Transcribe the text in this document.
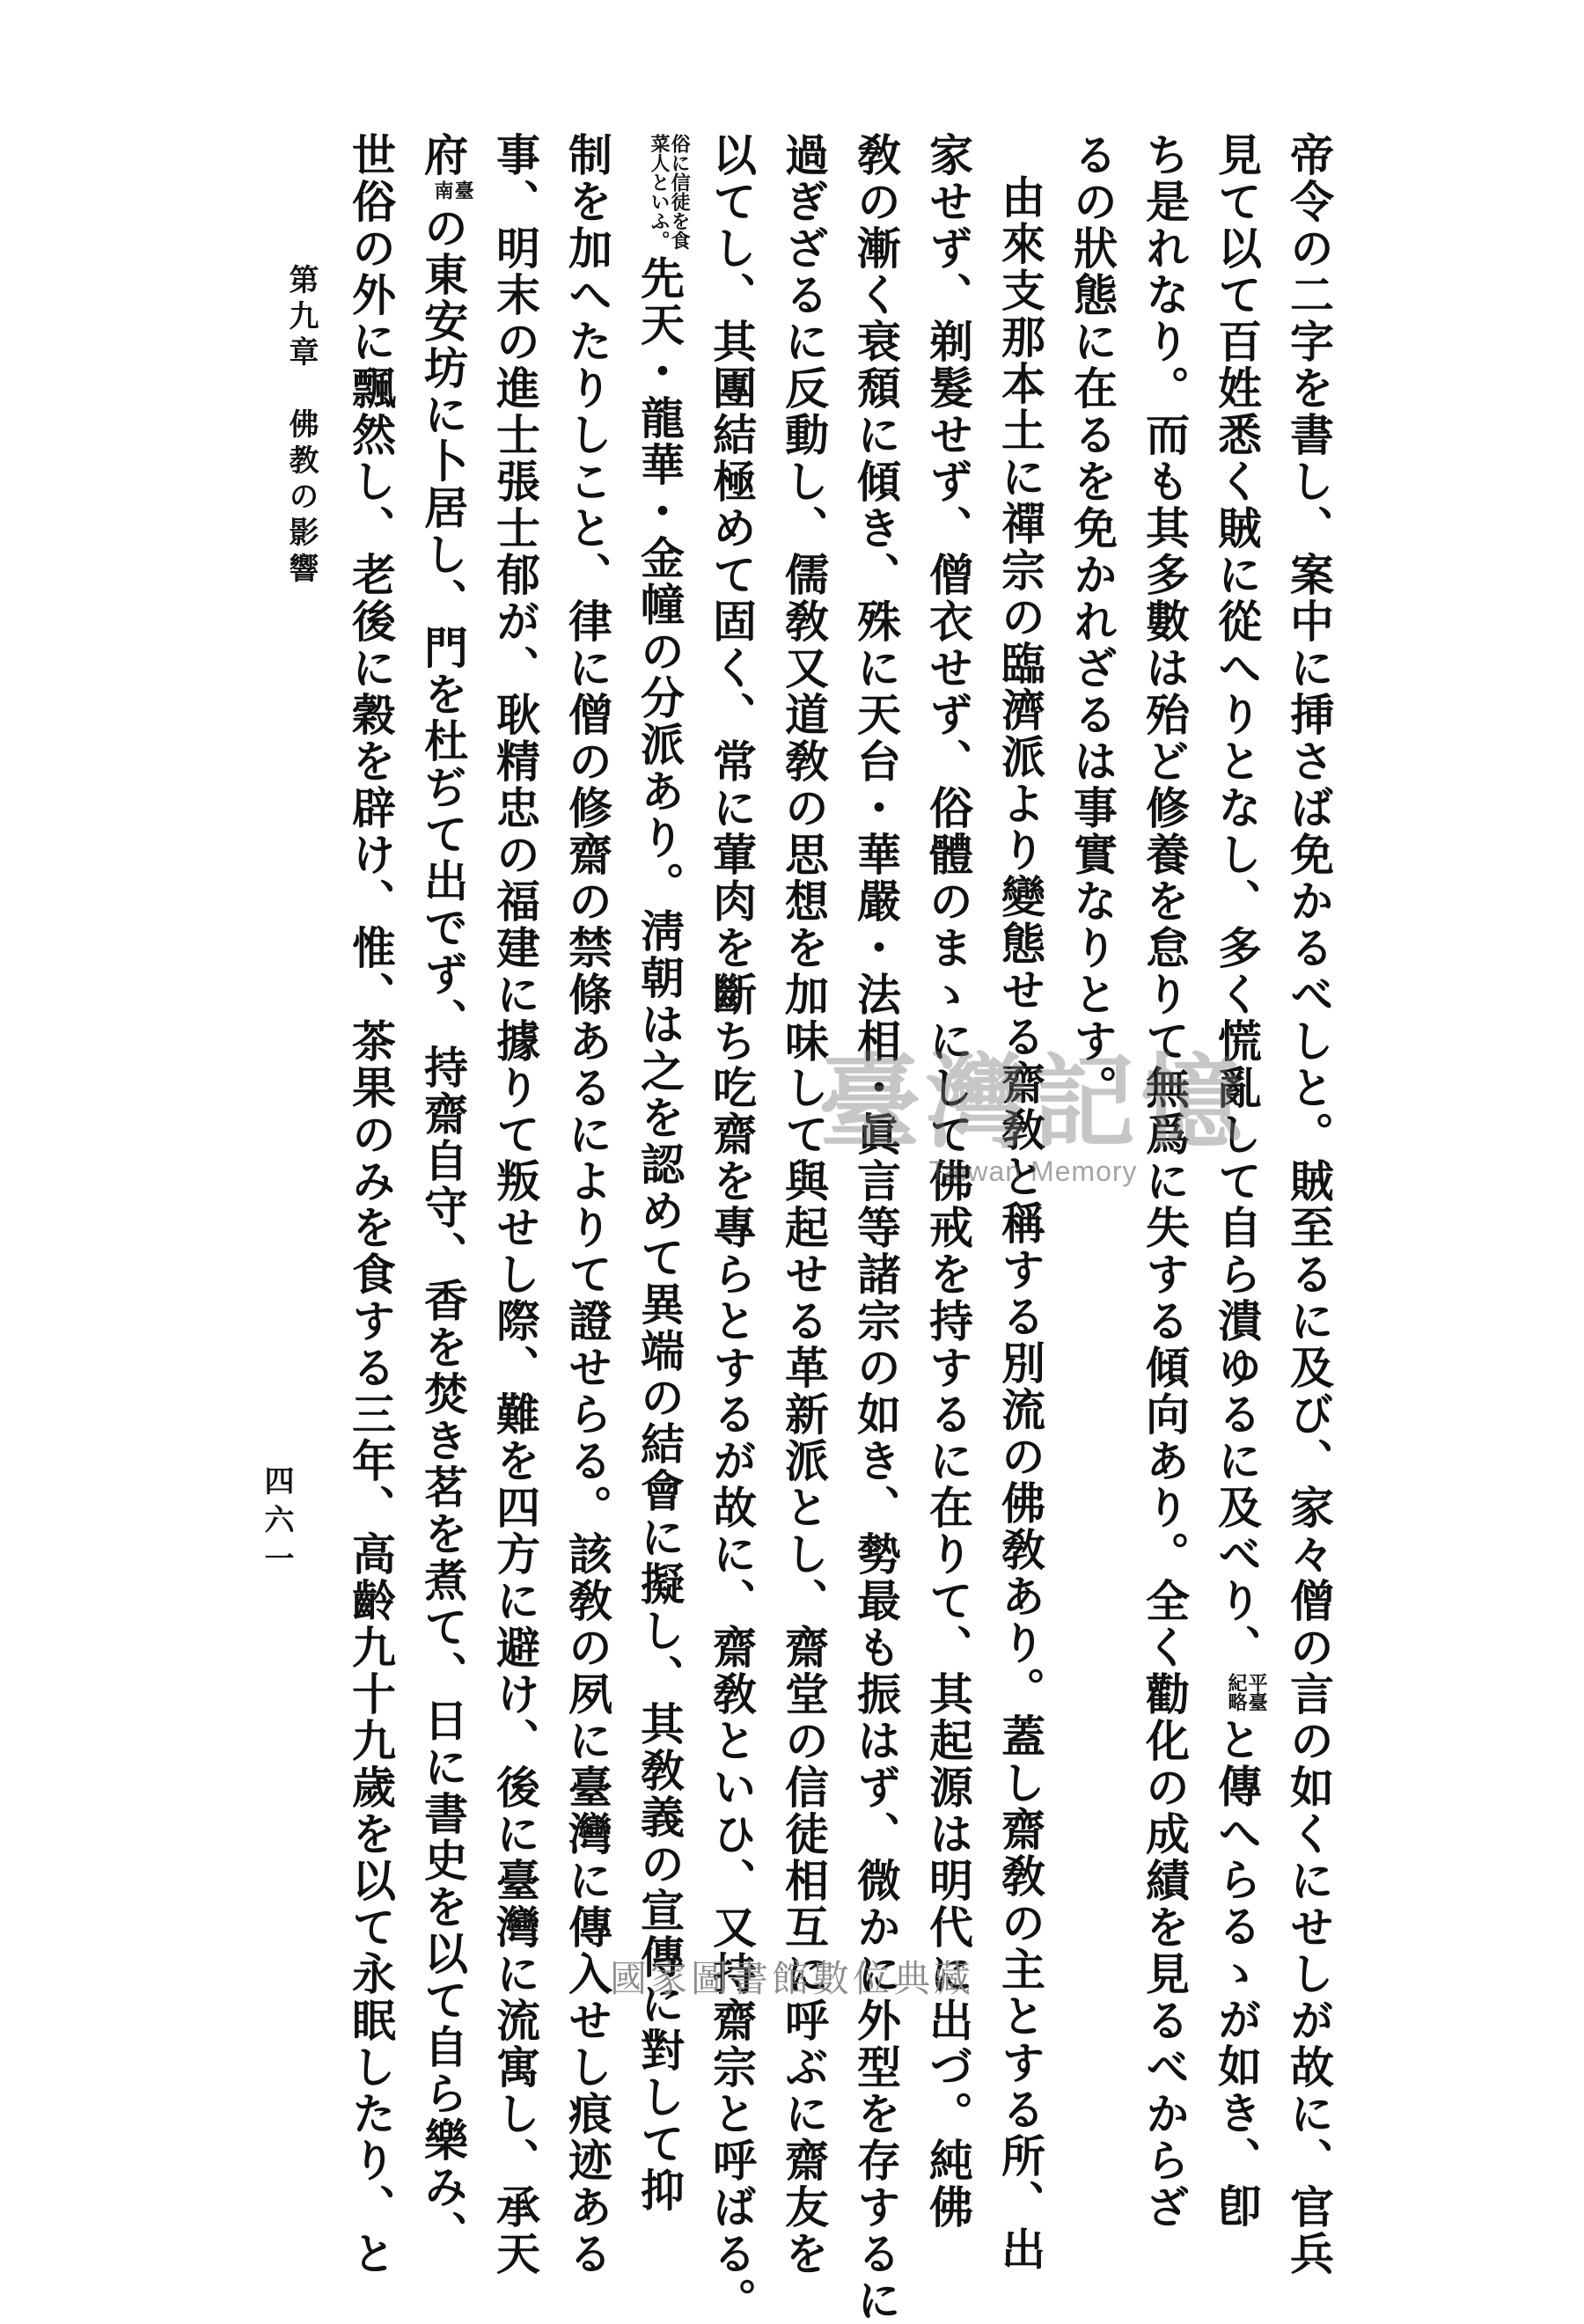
帝令の二字を書し、案中に挿さば免かるべしと。賊至るに及び、家々僧の言の如くにせしが故に、官兵
見て以て百姓悉く賊に從へりとなし、多く慌亂して自ら潰ゆるに及べり、
平臺
紀略
と傳へらるゝが如き、卽
ち是れなり。而も其多數は殆ど修養を怠りて無爲に失する傾向あり。全く勸化の成績を見るべからざ
るの狀態に在るを免かれざるは事實なりとす。
由來支那本土に禪宗の臨濟派より變態せる齋敎と稱する別流の佛敎あり。蓋し齋敎の主とする所、出
家せず、剃髮せず、僧衣せず、俗體のまゝにして佛戒を持するに在りて、其起源は明代に出づ。純佛
敎の漸く衰頹に傾き、殊に天台・華嚴・法相・眞言等諸宗の如き、勢最も振はず、微かに外型を存するに
過ぎざるに反動し、儒敎又道敎の思想を加味して與起せる革新派とし、齋堂の信徒相互に呼ぶに齋友を
以てし、其團結極めて固く、常に葷肉を斷ち吃齋を專らとするが故に、齋敎といひ、又持齋宗と呼ばる。
俗に信徒を食
菜人といふ。
先天・龍華・金幢の分派あり。淸朝は之を認めて異端の結會に擬し、其敎義の宣傳に對して抑
制を加へたりしこと、律に僧の修齋の禁條あるによりて證せらる。該敎の夙に臺灣に傳入せし痕迹ある
事、明末の進士張士郁が、耿精忠の福建に據りて叛せし際、難を四方に避け、後に臺灣に流寓し、承天
府
臺
南
の東安坊に卜居し、門を杜ぢて出でず、持齋自守、香を焚き茗を煮て、日に書史を以て自ら樂み、
世俗の外に飄然し、老後に穀を辟け、惟、茶果のみを食する三年、高齡九十九歲を以て永眠したり、と
第九章　佛教の影響
四六一
臺灣記憶
Taiwan Memory
國家圖書館數位典藏
